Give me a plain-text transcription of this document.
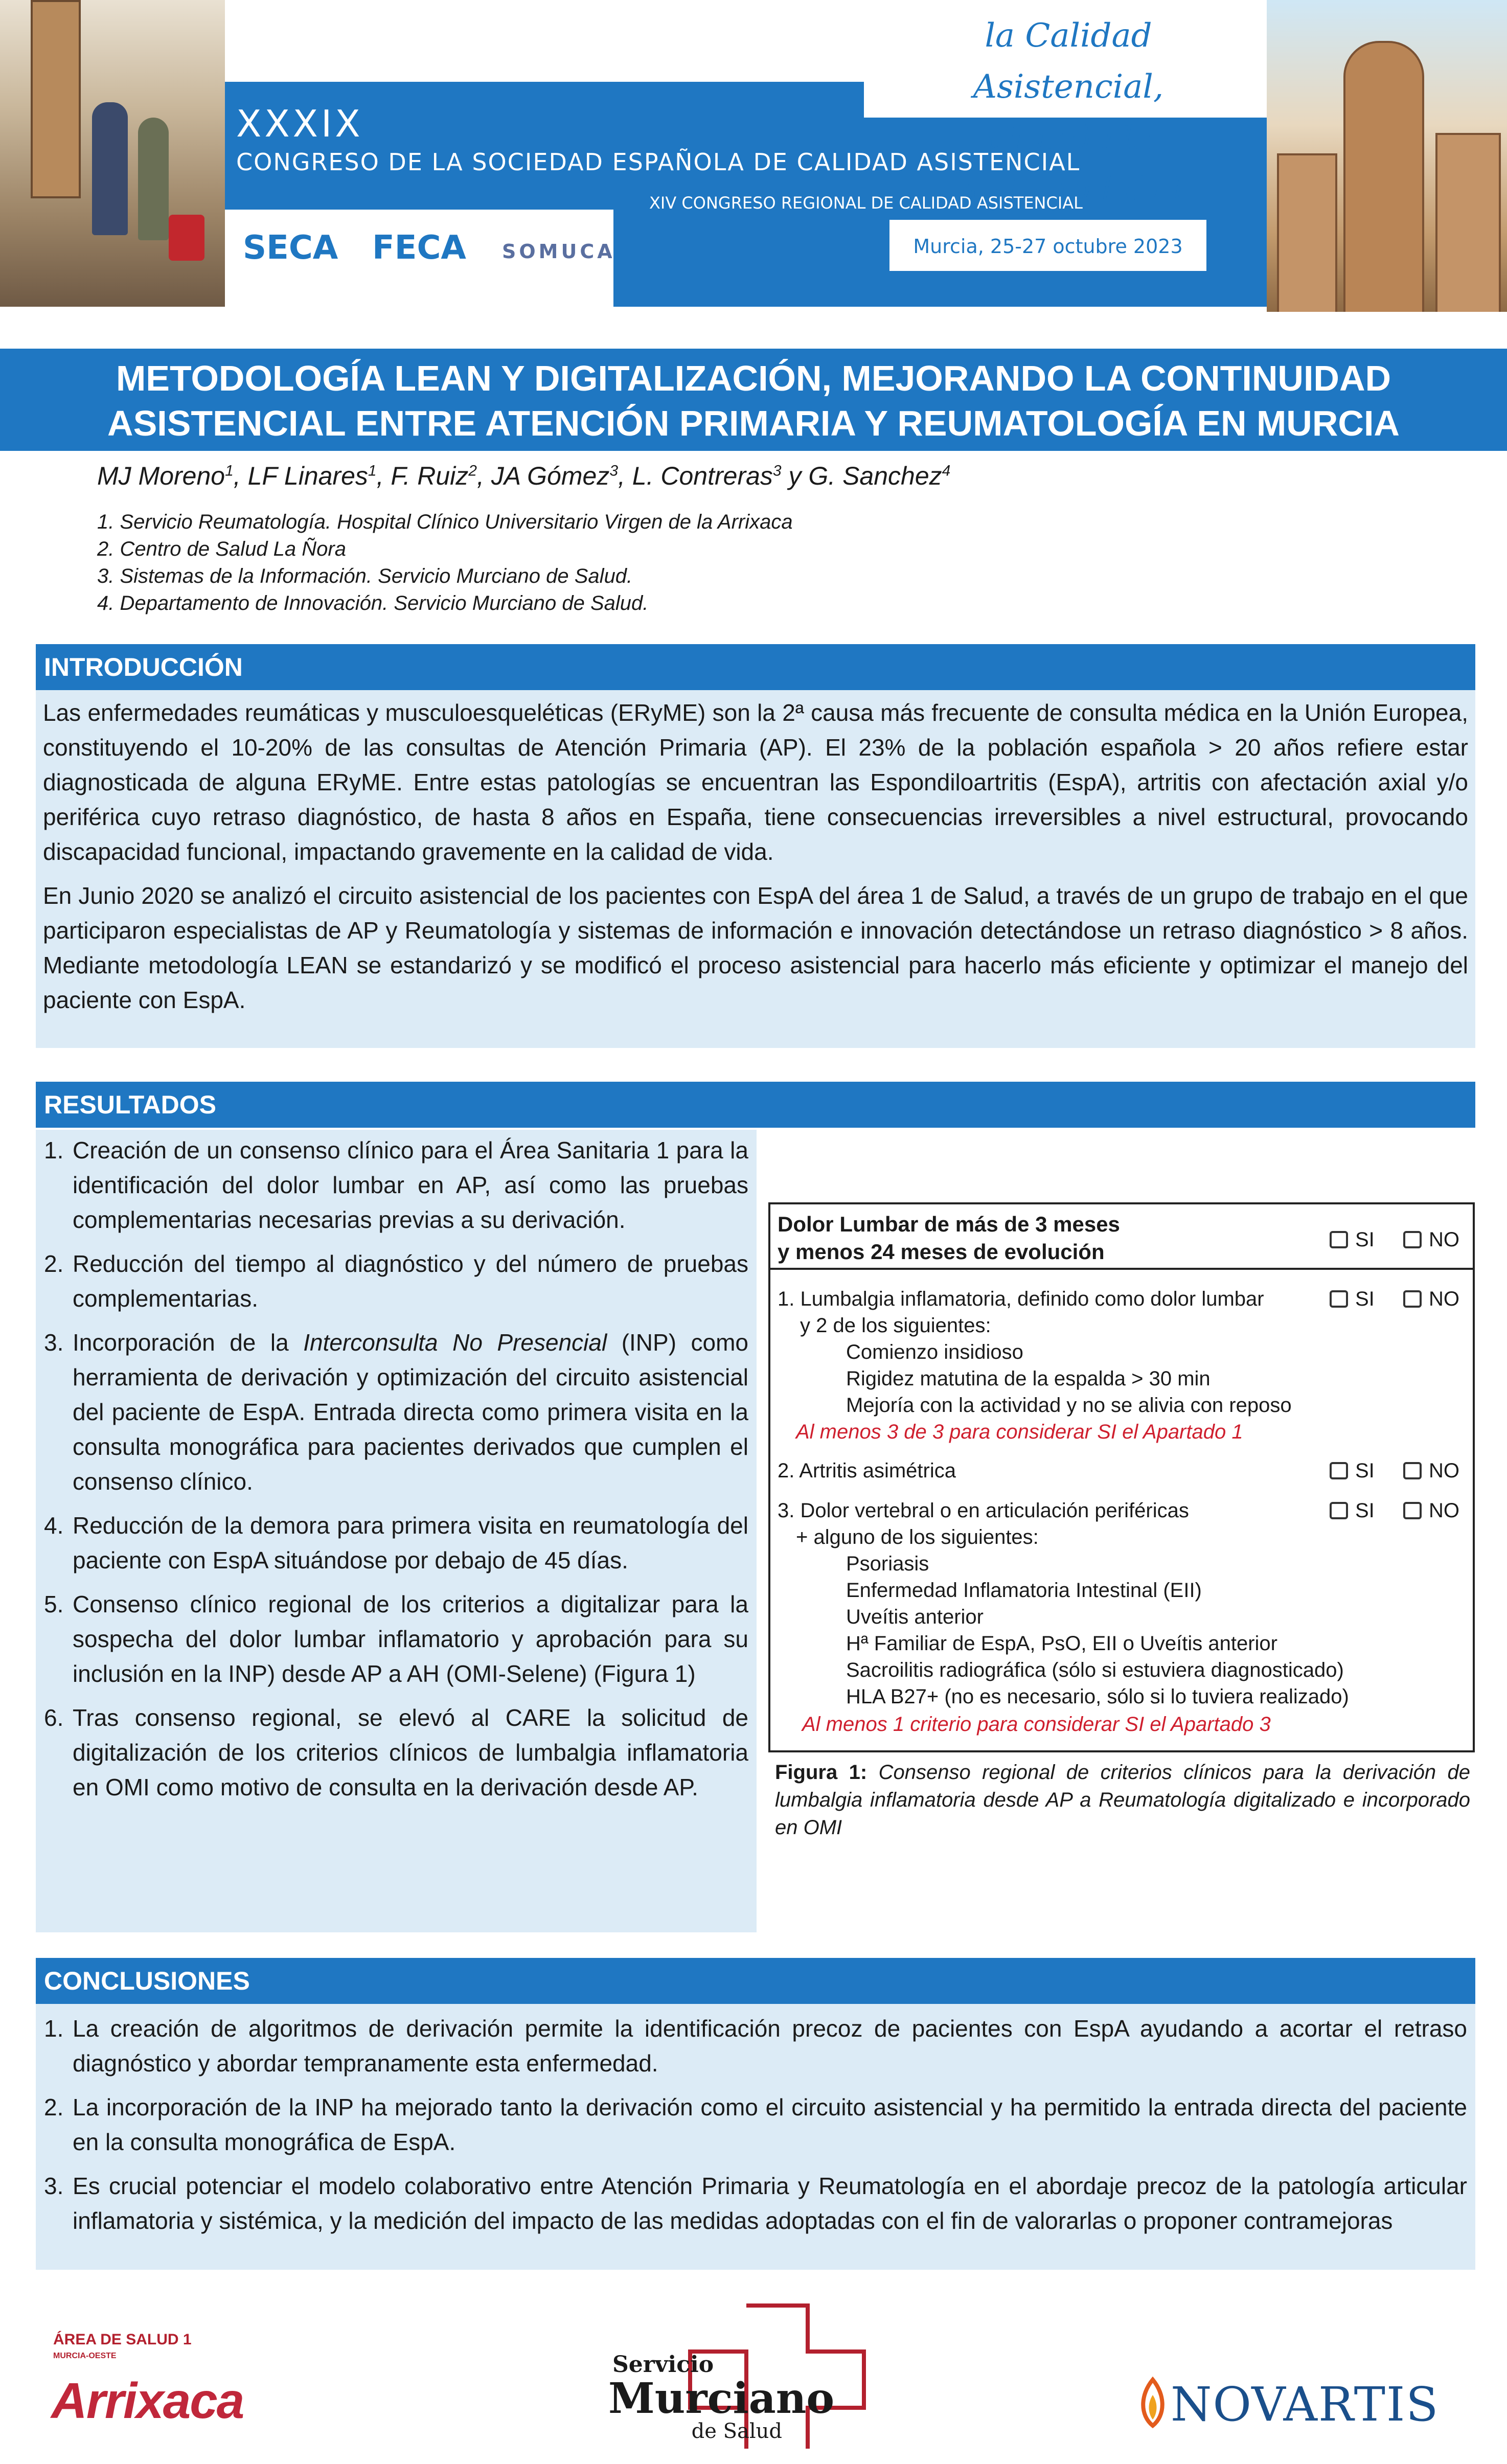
la Calidad Asistencial,
pilar de la sostenibilidad
XXXIX
CONGRESO DE LA SOCIEDAD ESPAÑOLA DE CALIDAD ASISTENCIAL
XIV CONGRESO REGIONAL DE CALIDAD ASISTENCIAL
Murcia, 25-27 octubre 2023
SECA FECA SOMUCA
METODOLOGÍA LEAN Y DIGITALIZACIÓN, MEJORANDO LA CONTINUIDAD
ASISTENCIAL ENTRE ATENCIÓN PRIMARIA Y REUMATOLOGÍA EN MURCIA
MJ Moreno$^1$, LF Linares$^1$, F. Ruiz$^2$, JA Gómez$^3$, L. Contreras$^3$ y G. Sanchez$^4$
1. Servicio Reumatología. Hospital Clínico Universitario Virgen de la Arrixaca
2. Centro de Salud La Ñora
3. Sistemas de la Información. Servicio Murciano de Salud.
4. Departamento de Innovación. Servicio Murciano de Salud.
INTRODUCCIÓN

Las enfermedades reumáticas y musculoesqueléticas (ERyME) son la 2ª causa más frecuente de consulta médica en la Unión Europea, constituyendo el 10-20% de las consultas de Atención Primaria (AP). El 23% de la población española > 20 años refiere estar diagnosticada de alguna ERyME. Entre estas patologías se encuentran las Espondiloartritis (EspA), artritis con afectación axial y/o periférica cuyo retraso diagnóstico, de hasta 8 años en España, tiene consecuencias irreversibles a nivel estructural, provocando discapacidad funcional, impactando gravemente en la calidad de vida.

En Junio 2020 se analizó el circuito asistencial de los pacientes con EspA del área 1 de Salud, a través de un grupo de trabajo en el que participaron especialistas de AP y Reumatología y sistemas de información e innovación detectándose un retraso diagnóstico > 8 años. Mediante metodología LEAN se estandarizó y se modificó el proceso asistencial para hacerlo más eficiente y optimizar el manejo del paciente con EspA.

RESULTADOS
1. Creación de un consenso clínico para el Área Sanitaria 1 para la identificación del dolor lumbar en AP, así como las pruebas complementarias necesarias previas a su derivación.
2. Reducción del tiempo al diagnóstico y del número de pruebas complementarias.
3. Incorporación de la Interconsulta No Presencial (INP) como herramienta de derivación y optimización del circuito asistencial del paciente de EspA. Entrada directa como primera visita en la consulta monográfica para pacientes derivados que cumplen el consenso clínico.
4. Reducción de la demora para primera visita en reumatología del paciente con EspA situándose por debajo de 45 días.
5. Consenso clínico regional de los criterios a digitalizar para la sospecha del dolor lumbar inflamatorio y aprobación para su inclusión en la INP) desde AP a AH (OMI-Selene) (Figura 1)
6. Tras consenso regional, se elevó al CARE la solicitud de digitalización de los criterios clínicos de lumbalgia inflamatoria en OMI como motivo de consulta en la derivación desde AP.
Dolor Lumbar de más de 3 meses
y menos 24 meses de evolución	SI	NO
1. Lumbalgia inflamatoria, definido como dolor lumbar	SI	NO
y 2 de los siguientes:
Comienzo insidioso
Rigidez matutina de la espalda > 30 min
Mejoría con la actividad y no se alivia con reposo
Al menos 3 de 3 para considerar SI el Apartado 1
2. Artritis asimétrica	SI	NO
3. Dolor vertebral o en articulación periféricas	SI	NO
+ alguno de los siguientes:
Psoriasis
Enfermedad Inflamatoria Intestinal (EII)
Uveítis anterior
Hª Familiar de EspA, PsO, EII o Uveítis anterior
Sacroilitis radiográfica (sólo si estuviera diagnosticado)
HLA B27+ (no es necesario, sólo si lo tuviera realizado)
Al menos 1 criterio para considerar SI el Apartado 3
Figura 1: Consenso regional de criterios clínicos para la derivación de lumbalgia inflamatoria desde AP a Reumatología digitalizado e incorporado en OMI
CONCLUSIONES
1. La creación de algoritmos de derivación permite la identificación precoz de pacientes con EspA ayudando a acortar el retraso diagnóstico y abordar tempranamente esta enfermedad.
2. La incorporación de la INP ha mejorado tanto la derivación como el circuito asistencial y ha permitido la entrada directa del paciente en la consulta monográfica de EspA.
3. Es crucial potenciar el modelo colaborativo entre Atención Primaria y Reumatología en el abordaje precoz de la patología articular inflamatoria y sistémica, y la medición del impacto de las medidas adoptadas con el fin de valorarlas o proponer contramejoras
ÁREA DE SALUD 1
MURCIA-OESTE
Arrixaca
Servicio
Murciano
de Salud	NOVARTIS
